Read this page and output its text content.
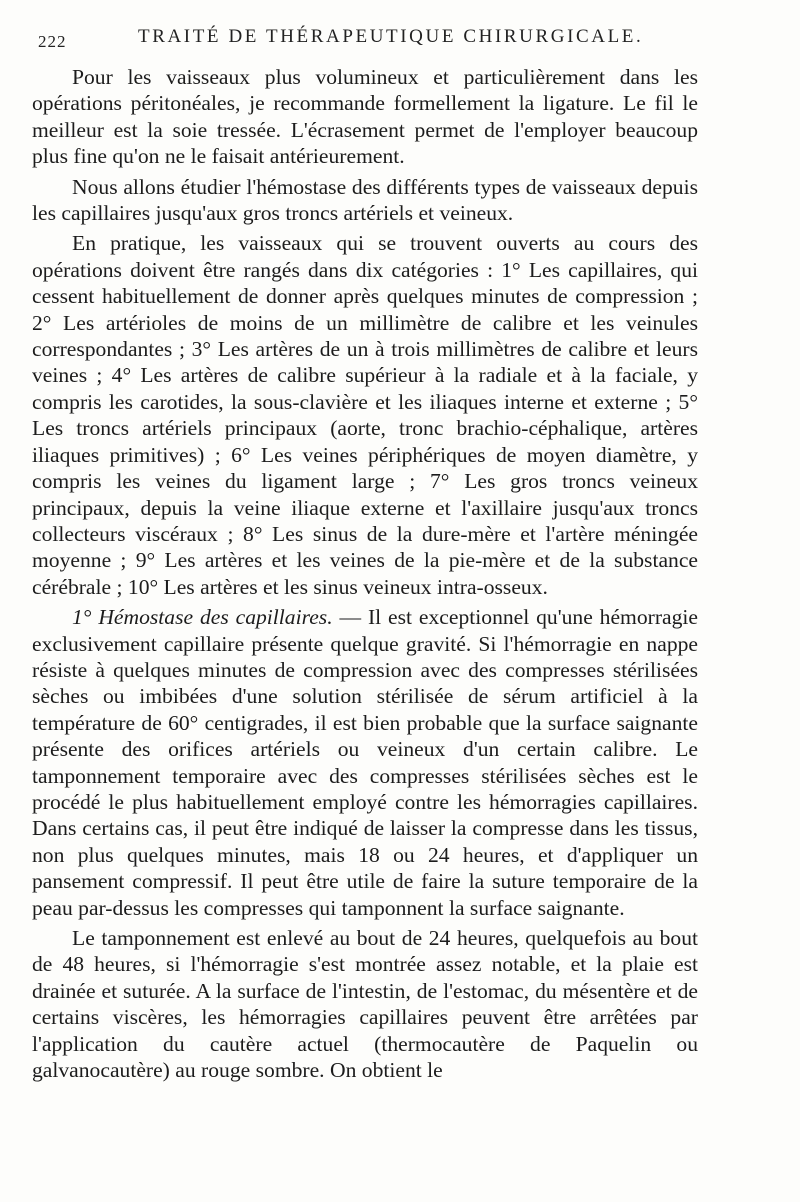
222	TRAITÉ DE THÉRAPEUTIQUE CHIRURGICALE.

Pour les vaisseaux plus volumineux et particulièrement dans les opérations péritonéales, je recommande formellement la ligature. Le fil le meilleur est la soie tressée. L'écrasement permet de l'employer beaucoup plus fine qu'on ne le faisait antérieurement.

Nous allons étudier l'hémostase des différents types de vaisseaux depuis les capillaires jusqu'aux gros troncs artériels et veineux.

En pratique, les vaisseaux qui se trouvent ouverts au cours des opérations doivent être rangés dans dix catégories : 1° Les capillaires, qui cessent habituellement de donner après quelques minutes de compression ; 2° Les artérioles de moins de un millimètre de calibre et les veinules correspondantes ; 3° Les artères de un à trois millimètres de calibre et leurs veines ; 4° Les artères de calibre supérieur à la radiale et à la faciale, y compris les carotides, la sous-clavière et les iliaques interne et externe ; 5° Les troncs artériels principaux (aorte, tronc brachio-céphalique, artères iliaques primitives) ; 6° Les veines périphériques de moyen diamètre, y compris les veines du ligament large ; 7° Les gros troncs veineux principaux, depuis la veine iliaque externe et l'axillaire jusqu'aux troncs collecteurs viscéraux ; 8° Les sinus de la dure-mère et l'artère méningée moyenne ; 9° Les artères et les veines de la pie-mère et de la substance cérébrale ; 10° Les artères et les sinus veineux intra-osseux.

1° Hémostase des capillaires. — Il est exceptionnel qu'une hémorragie exclusivement capillaire présente quelque gravité. Si l'hémorragie en nappe résiste à quelques minutes de compression avec des compresses stérilisées sèches ou imbibées d'une solution stérilisée de sérum artificiel à la température de 60° centigrades, il est bien probable que la surface saignante présente des orifices artériels ou veineux d'un certain calibre. Le tamponnement temporaire avec des compresses stérilisées sèches est le procédé le plus habituellement employé contre les hémorragies capillaires. Dans certains cas, il peut être indiqué de laisser la compresse dans les tissus, non plus quelques minutes, mais 18 ou 24 heures, et d'appliquer un pansement compressif. Il peut être utile de faire la suture temporaire de la peau par-dessus les compresses qui tamponnent la surface saignante.

Le tamponnement est enlevé au bout de 24 heures, quelquefois au bout de 48 heures, si l'hémorragie s'est montrée assez notable, et la plaie est drainée et suturée. A la surface de l'intestin, de l'estomac, du mésentère et de certains viscères, les hémorragies capillaires peuvent être arrêtées par l'application du cautère actuel (thermocautère de Paquelin ou galvanocautère) au rouge sombre. On obtient le
